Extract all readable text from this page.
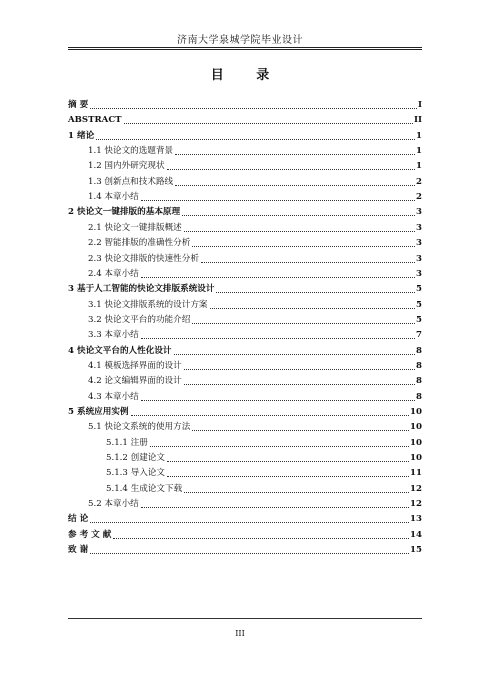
济南大学泉城学院毕业设计
目 录
摘 要	I
ABSTRACT	II
1 绪论	1
1.1 快论文的选题背景	1
1.2 国内外研究现状	1
1.3 创新点和技术路线	2
1.4 本章小结	2
2 快论文一键排版的基本原理	3
2.1 快论文一键排版概述	3
2.2 智能排版的准确性分析	3
2.3 快论文排版的快速性分析	3
2.4 本章小结	3
3 基于人工智能的快论文排版系统设计	5
3.1 快论文排版系统的设计方案	5
3.2 快论文平台的功能介绍	5
3.3 本章小结	7
4 快论文平台的人性化设计	8
4.1 模板选择界面的设计	8
4.2 论文编辑界面的设计	8
4.3 本章小结	8
5 系统应用实例	10
5.1 快论文系统的使用方法	10
5.1.1 注册	10
5.1.2 创建论文	10
5.1.3 导入论文	11
5.1.4 生成论文下载	12
5.2 本章小结	12
结 论	13
参 考 文 献	14
致 谢	15
III
